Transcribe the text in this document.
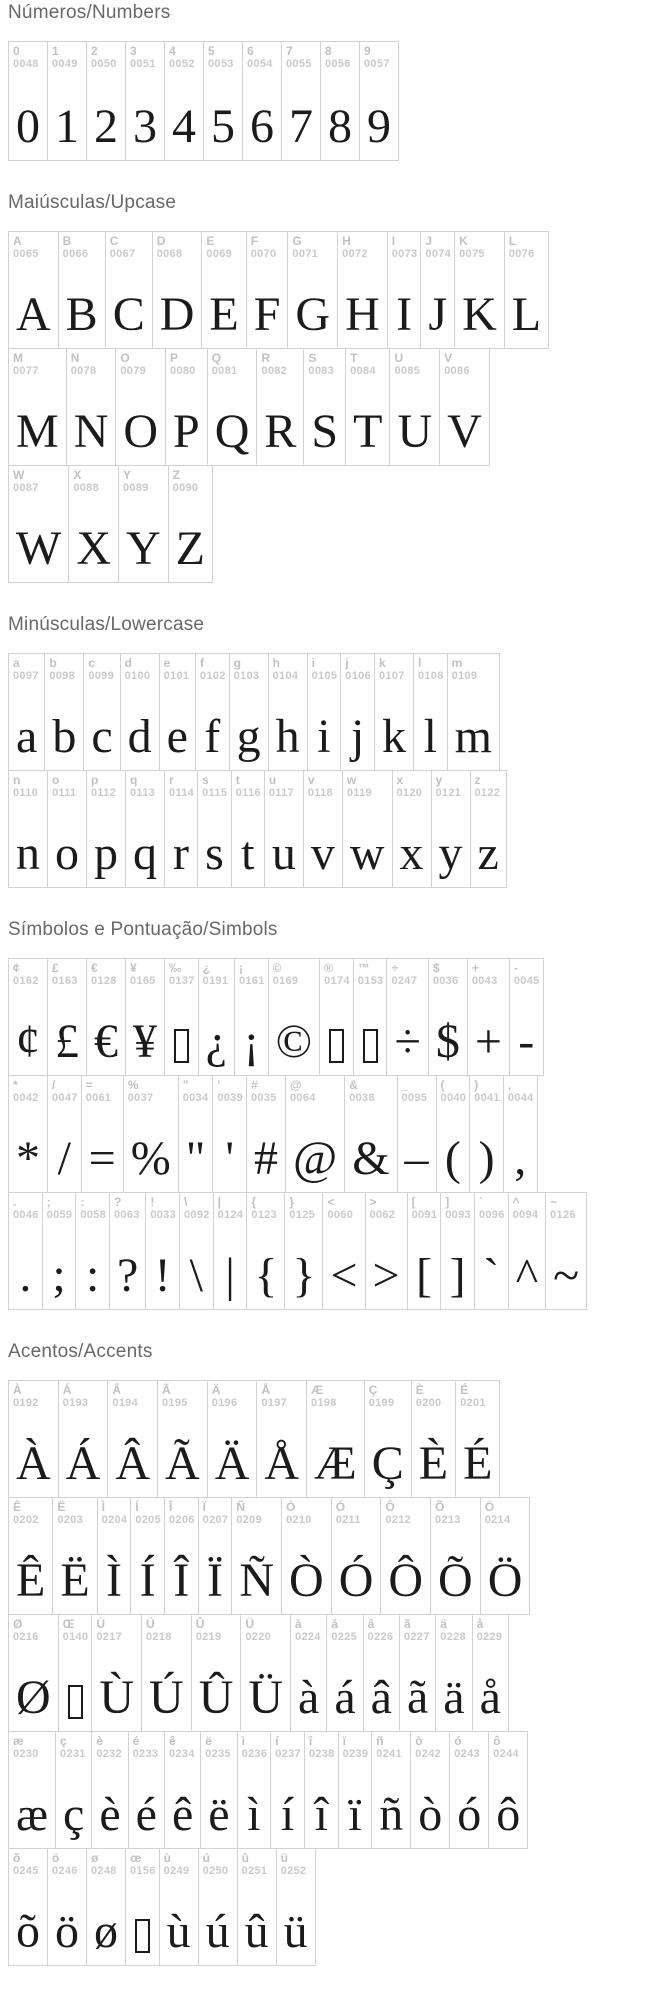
Números/Numbers
0
0048
0
1
0049
1
2
0050
2
3
0051
3
4
0052
4
5
0053
5
6
0054
6
7
0055
7
8
0056
8
9
0057
9
Maiúsculas/Upcase
A
0065
A
B
0066
B
C
0067
C
D
0068
D
E
0069
E
F
0070
F
G
0071
G
H
0072
H
I
0073
I
J
0074
J
K
0075
K
L
0076
L
M
0077
M
N
0078
N
O
0079
O
P
0080
P
Q
0081
Q
R
0082
R
S
0083
S
T
0084
T
U
0085
U
V
0086
V
W
0087
W
X
0088
X
Y
0089
Y
Z
0090
Z
Minúsculas/Lowercase
a
0097
a
b
0098
b
c
0099
c
d
0100
d
e
0101
e
f
0102
f
g
0103
g
h
0104
h
i
0105
i
j
0106
j
k
0107
k
l
0108
l
m
0109
m
n
0110
n
o
0111
o
p
0112
p
q
0113
q
r
0114
r
s
0115
s
t
0116
t
u
0117
u
v
0118
v
w
0119
w
x
0120
x
y
0121
y
z
0122
z
Símbolos e Pontuação/Simbols
¢
0162
¢
£
0163
£
€
0128
€
¥
0165
¥
‰
0137
¿
0191
¿
¡
0161
¡
©
0169
©
®
0174
™
0153
÷
0247
÷
$
0036
$
+
0043
+
-
0045
-
*
0042
*
/
0047
/
=
0061
=
%
0037
%
"
0034
"
'
0039
'
#
0035
#
@
0064
@
&
0038
&
_
0095
–
(
0040
(
)
0041
)
,
0044
,
.
0046
.
;
0059
;
:
0058
:
?
0063
?
!
0033
!
\
0092
\
|
0124
|
{
0123
{
}
0125
}
<
0060
<
>
0062
>
[
0091
[
]
0093
]
`
0096
`
^
0094
^
~
0126
~
Acentos/Accents
À
0192
À
Á
0193
Á
Â
0194
Â
Ã
0195
Ã
Ä
0196
Ä
Å
0197
Å
Æ
0198
Æ
Ç
0199
Ç
È
0200
È
É
0201
É
Ê
0202
Ê
Ë
0203
Ë
Ì
0204
Ì
Í
0205
Í
Î
0206
Î
Ï
0207
Ï
Ñ
0209
Ñ
Ò
0210
Ò
Ó
0211
Ó
Ô
0212
Ô
Õ
0213
Õ
Ö
0214
Ö
Ø
0216
Ø
Œ
0140
Ù
0217
Ù
Ú
0218
Ú
Û
0219
Û
Ü
0220
Ü
à
0224
à
á
0225
á
â
0226
â
ã
0227
ã
ä
0228
ä
å
0229
å
æ
0230
æ
ç
0231
ç
è
0232
è
é
0233
é
ê
0234
ê
ë
0235
ë
ì
0236
ì
í
0237
í
î
0238
î
ï
0239
ï
ñ
0241
ñ
ò
0242
ò
ó
0243
ó
ô
0244
ô
õ
0245
õ
ö
0246
ö
ø
0248
ø
œ
0156
ù
0249
ù
ú
0250
ú
û
0251
û
ü
0252
ü
